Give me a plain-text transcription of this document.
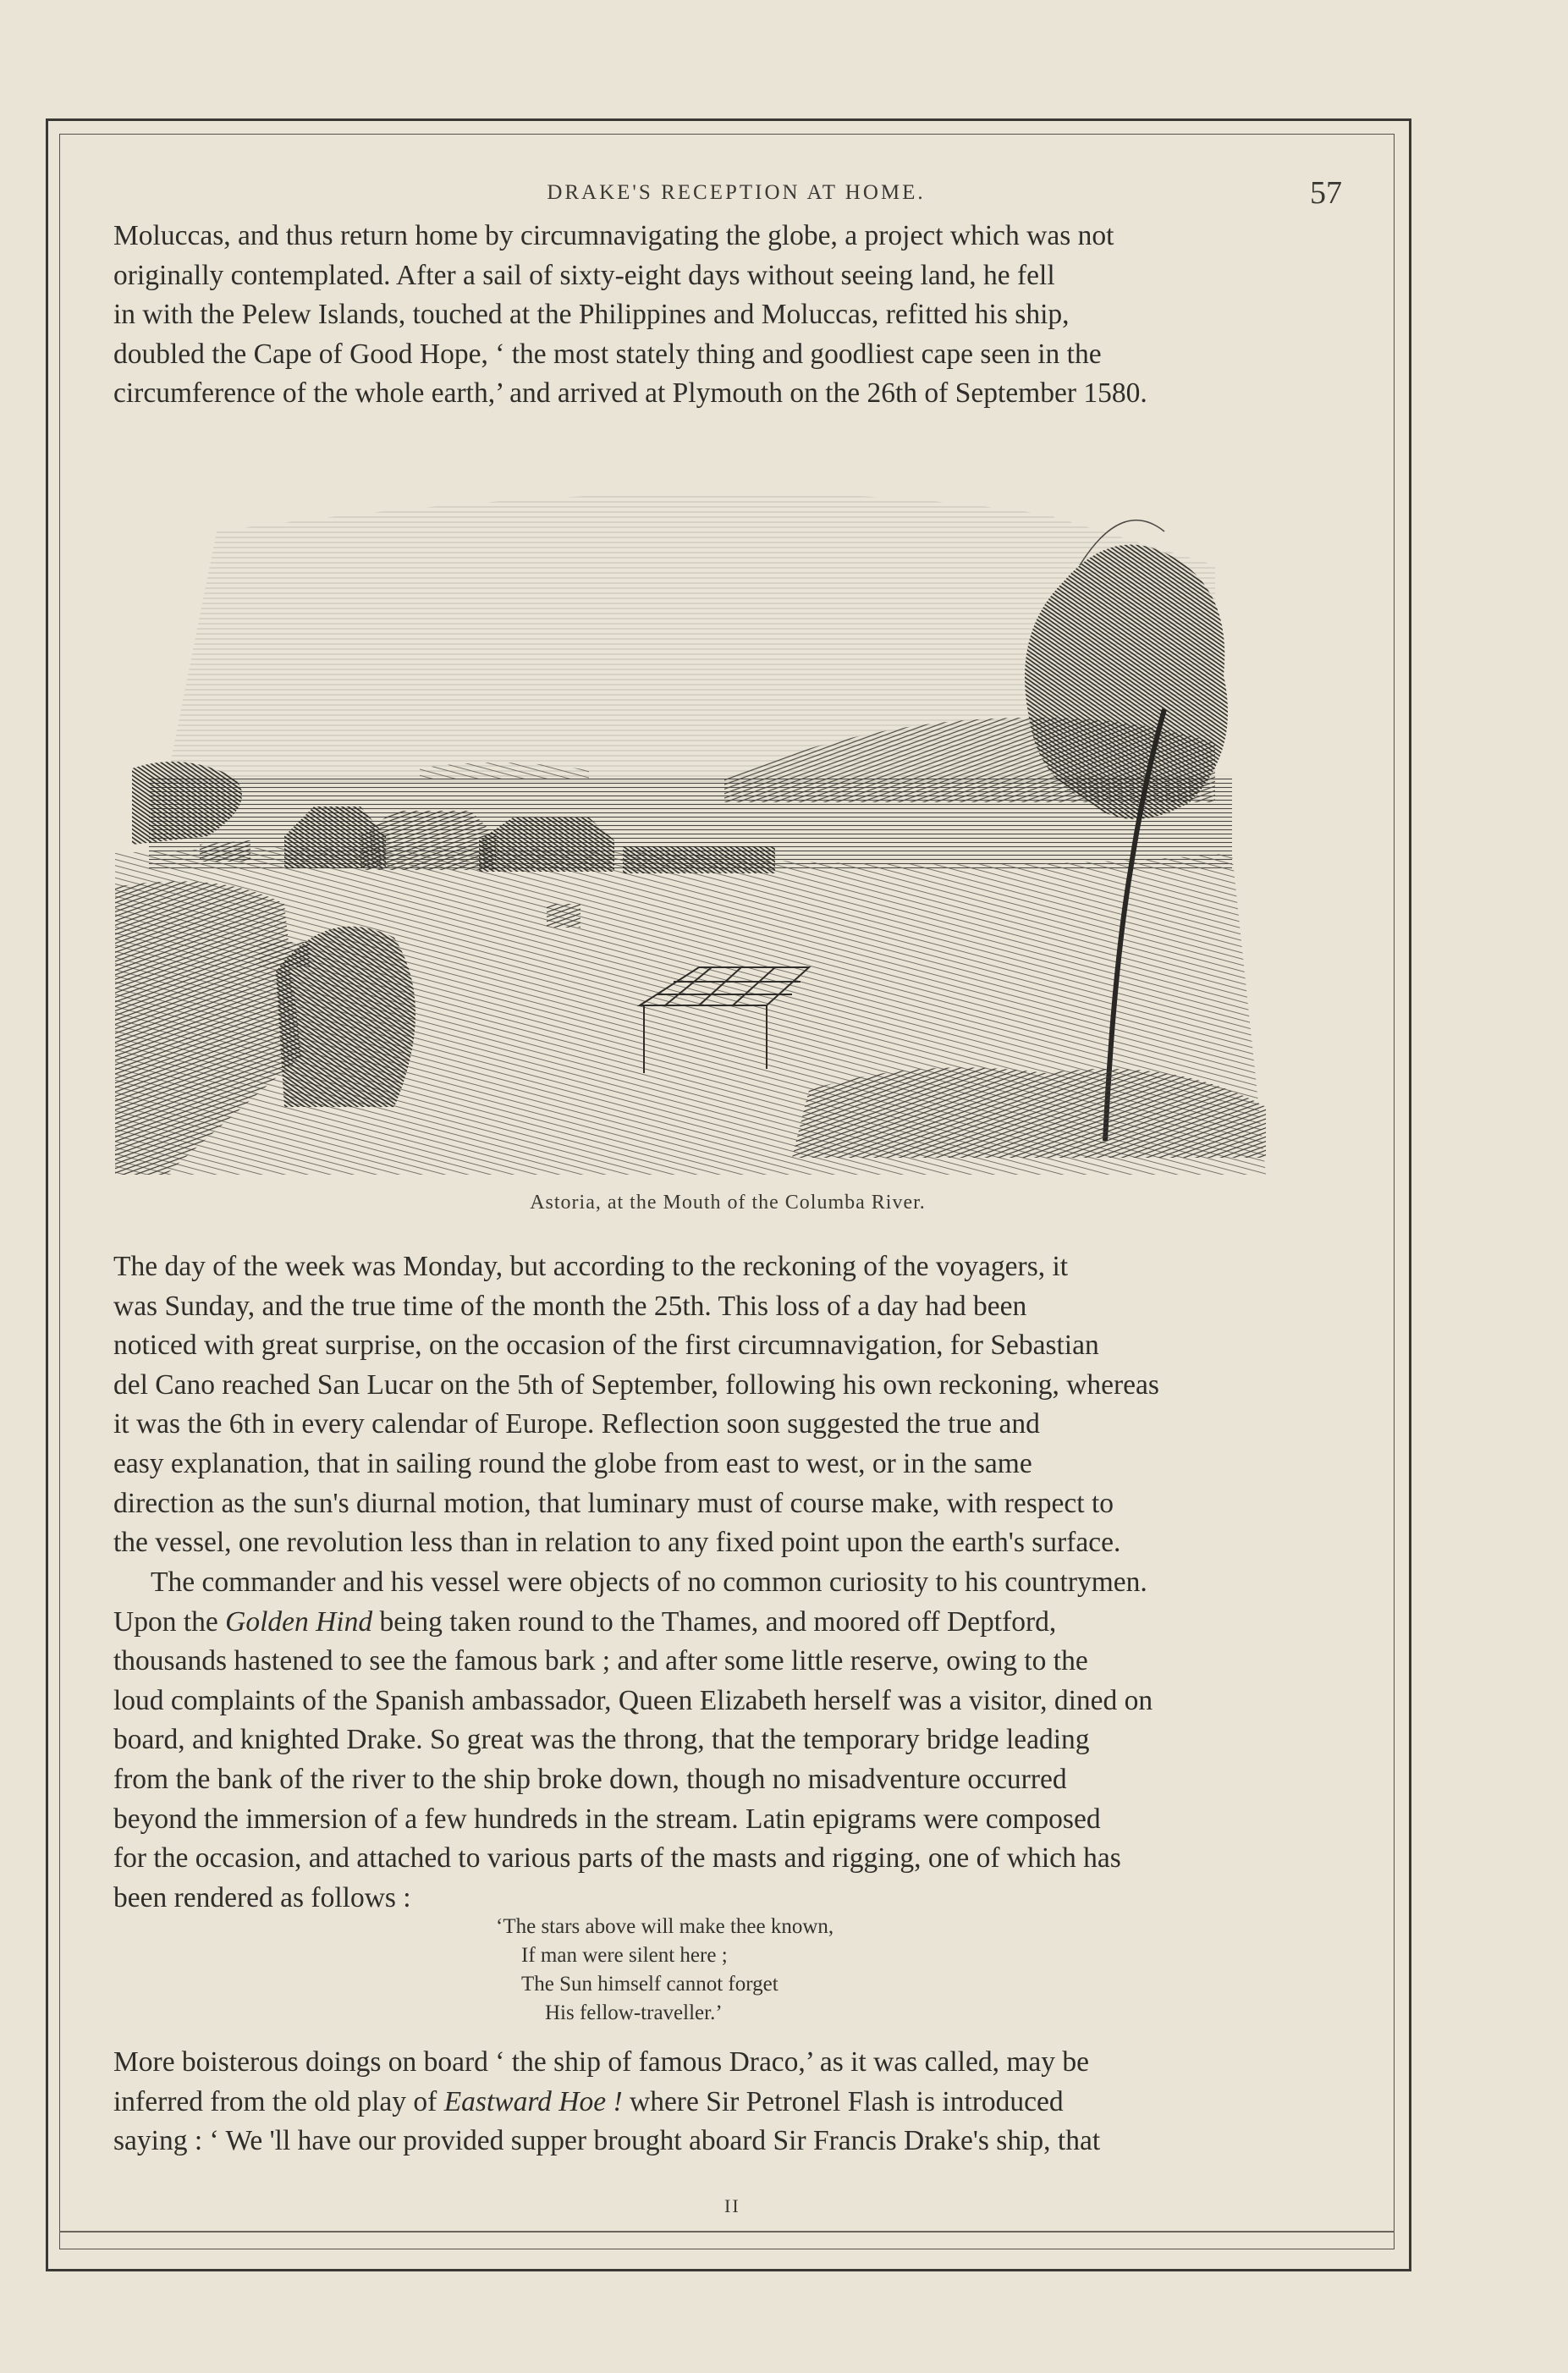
DRAKE'S RECEPTION AT HOME.	57

Moluccas, and thus return home by circumnavigating the globe, a project which was not

originally contemplated. After a sail of sixty-eight days without seeing land, he fell

in with the Pelew Islands, touched at the Philippines and Moluccas, refitted his ship,

doubled the Cape of Good Hope, ‘ the most stately thing and goodliest cape seen in the

circumference of the whole earth,’ and arrived at Plymouth on the 26th of September 1580.

Astoria, at the Mouth of the Columba River.

The day of the week was Monday, but according to the reckoning of the voyagers, it

was Sunday, and the true time of the month the 25th. This loss of a day had been

noticed with great surprise, on the occasion of the first circumnavigation, for Sebastian

del Cano reached San Lucar on the 5th of September, following his own reckoning, whereas

it was the 6th in every calendar of Europe. Reflection soon suggested the true and

easy explanation, that in sailing round the globe from east to west, or in the same

direction as the sun's diurnal motion, that luminary must of course make, with respect to

the vessel, one revolution less than in relation to any fixed point upon the earth's surface.

The commander and his vessel were objects of no common curiosity to his countrymen.

Upon the Golden Hind being taken round to the Thames, and moored off Deptford,

thousands hastened to see the famous bark ; and after some little reserve, owing to the

loud complaints of the Spanish ambassador, Queen Elizabeth herself was a visitor, dined on

board, and knighted Drake. So great was the throng, that the temporary bridge leading

from the bank of the river to the ship broke down, though no misadventure occurred

beyond the immersion of a few hundreds in the stream. Latin epigrams were composed

for the occasion, and attached to various parts of the masts and rigging, one of which has

been rendered as follows :

‘The stars above will make thee known,
If man were silent here ;
The Sun himself cannot forget
His fellow-traveller.’

More boisterous doings on board ‘ the ship of famous Draco,’ as it was called, may be

inferred from the old play of Eastward Hoe ! where Sir Petronel Flash is introduced

saying : ‘ We 'll have our provided supper brought aboard Sir Francis Drake's ship, that

II
